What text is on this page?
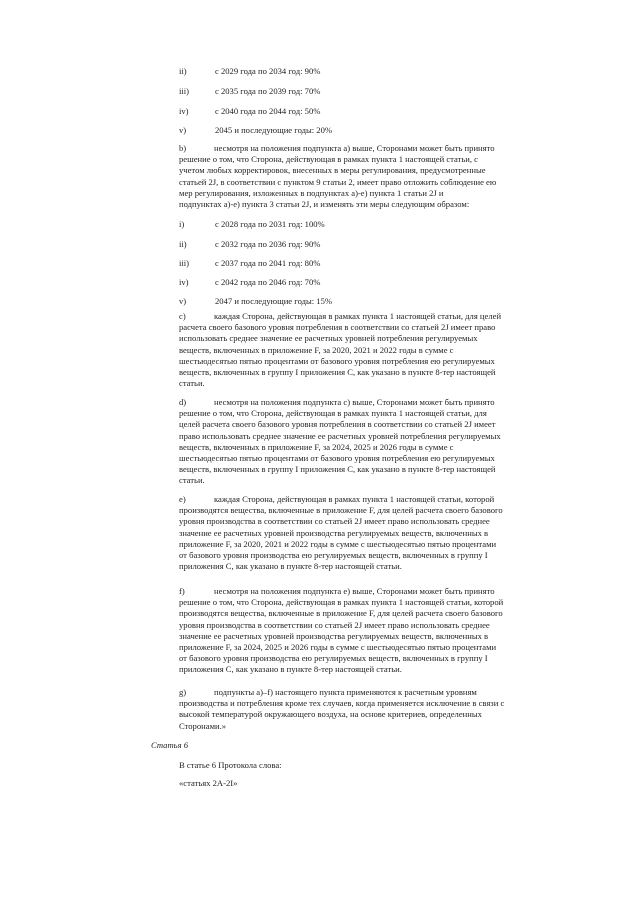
ii)	с 2029 года по 2034 год: 90%
iii)	с 2035 года по 2039 год: 70%
iv)	с 2040 года по 2044 год: 50%
v)	2045 и последующие годы: 20%
b)	несмотря на положения подпункта а) выше, Сторонами может быть принято
решение о том, что Сторона, действующая в рамках пункта 1 настоящей статьи, с
учетом любых корректировок, внесенных в меры регулирования, предусмотренные
статьей 2J, в соответствии с пунктом 9 статьи 2, имеет право отложить соблюдение ею
мер регулирования, изложенных в подпунктах а)-е) пункта 1 статьи 2J и
подпунктах а)-е) пункта 3 статьи 2J, и изменять эти меры следующим образом:
i)	с 2028 года по 2031 год: 100%
ii)	с 2032 года по 2036 год: 90%
iii)	с 2037 года по 2041 год: 80%
iv)	с 2042 года по 2046 год: 70%
v)	2047 и последующие годы: 15%
c)	каждая Сторона, действующая в рамках пункта 1 настоящей статьи, для целей
расчета своего базового уровня потребления в соответствии со статьей 2J имеет право
использовать среднее значение ее расчетных уровней потребления регулируемых
веществ, включенных в приложение F, за 2020, 2021 и 2022 годы в сумме с
шестьюдесятью пятью процентами от базового уровня потребления ею регулируемых
веществ, включенных в группу I приложения С, как указано в пункте 8-тер настоящей
статьи.
d)	несмотря на положения подпункта с) выше, Сторонами может быть принято
решение о том, что Сторона, действующая в рамках пункта 1 настоящей статьи, для
целей расчета своего базового уровня потребления в соответствии со статьей 2J имеет
право использовать среднее значение ее расчетных уровней потребления регулируемых
веществ, включенных в приложение F, за 2024, 2025 и 2026 годы в сумме с
шестьюдесятью пятью процентами от базового уровня потребления ею регулируемых
веществ, включенных в группу I приложения С, как указано в пункте 8-тер настоящей
статьи.
e)	каждая Сторона, действующая в рамках пункта 1 настоящей статьи, которой
производятся вещества, включенные в приложение F, для целей расчета своего базового
уровня производства в соответствии со статьей 2J имеет право использовать среднее
значение ее расчетных уровней производства регулируемых веществ, включенных в
приложение F, за 2020, 2021 и 2022 годы в сумме с шестьюдесятью пятью процентами
от базового уровня производства ею регулируемых веществ, включенных в группу I
приложения С, как указано в пункте 8-тер настоящей статьи.
f)	несмотря на положения подпункта е) выше, Сторонами может быть принято
решение о том, что Сторона, действующая в рамках пункта 1 настоящей статьи, которой
производятся вещества, включенные в приложение F, для целей расчета своего базового
уровня производства в соответствии со статьей 2J имеет право использовать среднее
значение ее расчетных уровней производства регулируемых веществ, включенных в
приложение F, за 2024, 2025 и 2026 годы в сумме с шестьюдесятью пятью процентами
от базового уровня производства ею регулируемых веществ, включенных в группу I
приложения С, как указано в пункте 8-тер настоящей статьи.
g)	подпункты а)–f) настоящего пункта применяются к расчетным уровням
производства и потребления кроме тех случаев, когда применяется исключение в связи с
высокой температурой окружающего воздуха, на основе критериев, определенных
Сторонами.»
Статья 6
В статье 6 Протокола слова:
«статьях 2А-2I»
